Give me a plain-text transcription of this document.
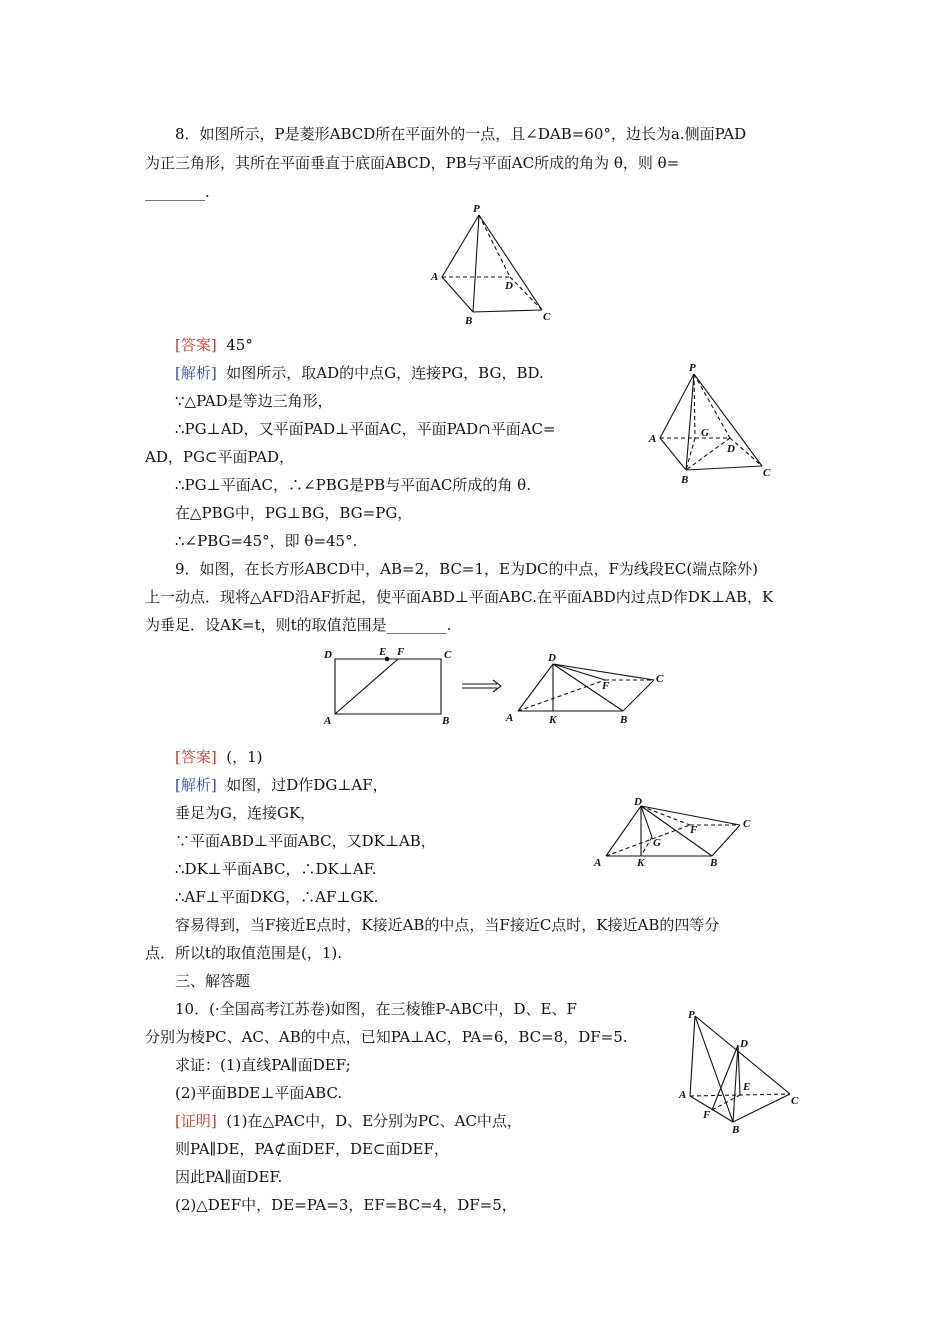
8．如图所示，P是菱形ABCD所在平面外的一点，且∠DAB=60°，边长为a.侧面PAD
为正三角形，其所在平面垂直于底面ABCD，PB与平面AC所成的角为 θ，则 θ=
________.
P
A
D
B	C
[答案] 45°
[解析] 如图所示，取AD的中点G，连接PG，BG，BD.
∵△PAD是等边三角形，
∴PG⊥AD，又平面PAD⊥平面AC，平面PAD∩平面AC=
AD，PG⊂平面PAD，
∴PG⊥平面AC，∴∠PBG是PB与平面AC所成的角 θ.
在△PBG中，PG⊥BG，BG=PG，
∴∠PBG=45°，即 θ=45°.
P
A	G
D
B
C
9．如图，在长方形ABCD中，AB=2，BC=1，E为DC的中点，F为线段EC(端点除外)
上一动点．现将△AFD沿AF折起，使平面ABD⊥平面ABC.在平面ABD内过点D作DK⊥AB，K
为垂足．设AK=t，则t的取值范围是________.
D	E F	C
A	B
D
F
C
A	K	B
[答案] (，1)
[解析] 如图，过D作DG⊥AF，
垂足为G，连接GK，
∵平面ABD⊥平面ABC，又DK⊥AB，
∴DK⊥平面ABC，∴DK⊥AF.
∴AF⊥平面DKG，∴AF⊥GK.
D
F	C
G
A	K	B
容易得到，当F接近E点时，K接近AB的中点，当F接近C点时，K接近AB的四等分
点．所以t的取值范围是(，1).
三、解答题
10．(·全国高考江苏卷)如图，在三棱锥P-ABC中，D、E、F
分别为棱PC、AC、AB的中点，已知PA⊥AC，PA=6，BC=8，DF=5.
求证：(1)直线PA∥面DEF;
(2)平面BDE⊥平面ABC.
[证明] (1)在△PAC中，D、E分别为PC、AC中点，
则PA∥DE，PA⊄面DEF，DE⊂面DEF，
因此PA∥面DEF.
(2)△DEF中，DE=PA=3，EF=BC=4，DF=5，
P
D
E
A
F
B
C
